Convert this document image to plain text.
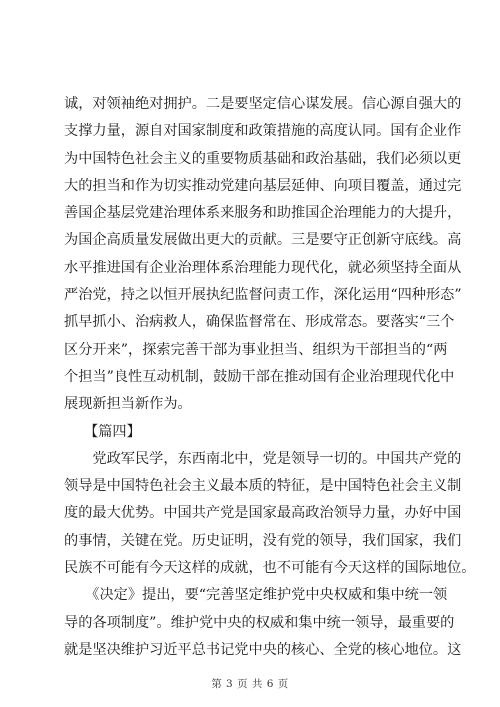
诚，对领袖绝对拥护。二是要坚定信心谋发展。信心源自强大的
支撑力量，源自对国家制度和政策措施的高度认同。国有企业作
为中国特色社会主义的重要物质基础和政治基础，我们必须以更
大的担当和作为切实推动党建向基层延伸、向项目覆盖，通过完
善国企基层党建治理体系来服务和助推国企治理能力的大提升，
为国企高质量发展做出更大的贡献。三是要守正创新守底线。高
水平推进国有企业治理体系治理能力现代化，就必须坚持全面从
严治党，持之以恒开展执纪监督问责工作，深化运用“四种形态”
抓早抓小、治病救人，确保监督常在、形成常态。要落实“三个
区分开来”，探索完善干部为事业担当、组织为干部担当的“两
个担当”良性互动机制，鼓励干部在推动国有企业治理现代化中
展现新担当新作为。
【篇四】
　　党政军民学，东西南北中，党是领导一切的。中国共产党的
领导是中国特色社会主义最本质的特征，是中国特色社会主义制
度的最大优势。中国共产党是国家最高政治领导力量，办好中国
的事情，关键在党。历史证明，没有党的领导，我们国家，我们
民族不可能有今天这样的成就，也不可能有今天这样的国际地位。
　　《决定》提出，要“完善坚定维护党中央权威和集中统一领
导的各项制度”。维护党中央的权威和集中统一领导，最重要的
就是坚决维护习近平总书记党中央的核心、全党的核心地位。这
第 3 页 共 6 页
